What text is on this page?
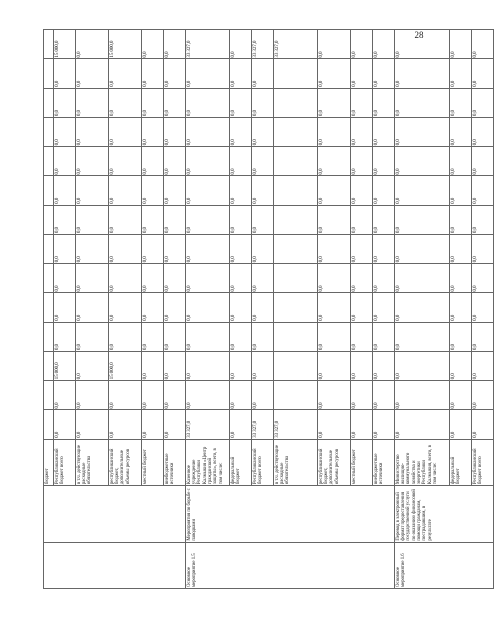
28
		бюджет														
		Республиканский бюджет всего	0,0	0,0	15 000,0	0,0	0,0	0,0	0,0	0,0	0,0	0,0	0,0	0,0	0,0	15 000,0
		в т.ч. действующие расходные обязательства	0,0	0,0	0,0	0,0	0,0	0,0	0,0	0,0	0,0	0,0	0,0	0,0	0,0	0,0
		республиканский бюджет, дополнительные объемы ресурсов	0,0	0,0	15 000,0	0,0	0,0	0,0	0,0	0,0	0,0	0,0	0,0	0,0	0,0	15 000,0
		местный бюджет	0,0	0,0	0,0	0,0	0,0	0,0	0,0	0,0	0,0	0,0	0,0	0,0	0,0	0,0
		внебюджетные источники	0,0	0,0	0,0	0,0	0,0	0,0	0,0	0,0	0,0	0,0	0,0	0,0	0,0	0,0
Основное мероприятие 1.5	Мероприятия по борьбе с паводками	Казенное учреждение Республики Калмыкия «Центр гражданской защиты», всего, в том числе:	33 327,0	0,0	0,0	0,0	0,0	0,0	0,0	0,0	0,0	0,0	0,0	0,0	0,0	33 327,0
		федеральный бюджет	0,0	0,0	0,0	0,0	0,0	0,0	0,0	0,0	0,0	0,0	0,0	0,0	0,0	0,0
		Республиканский бюджет всего	33 327,0	0,0	0,0	0,0	0,0	0,0	0,0	0,0	0,0	0,0	0,0	0,0	0,0	33 327,0
		в т.ч. действующие расходные обязательства	33 327,0													33 327,0
		республиканский бюджет, дополнительные объемы ресурсов	0,0	0,0	0,0	0,0	0,0	0,0	0,0	0,0	0,0	0,0	0,0	0,0	0,0	0,0
		местный бюджет	0,0	0,0	0,0	0,0	0,0	0,0	0,0	0,0	0,0	0,0	0,0	0,0	0,0	0,0
		внебюджетные источники	0,0	0,0	0,0	0,0	0,0	0,0	0,0	0,0	0,0	0,0	0,0	0,0	0,0	0,0
Основное мероприятие 1.6	Перевод в электронный формат предоставления государственной услуги по оказанию финансовой помощи гражданам, пострадавшим, в результате	Министерство жилищно-коммунального хозяйства и энергетики Республики Калмыкия, всего, в том числе:	0,0	0,0	0,0	0,0	0,0	0,0	0,0	0,0	0,0	0,0	0,0	0,0	0,0	0,0
		федеральный бюджет	0,0	0,0	0,0	0,0	0,0	0,0	0,0	0,0	0,0	0,0	0,0	0,0	0,0	0,0
		Республиканский бюджет всего	0,0	0,0	0,0	0,0	0,0	0,0	0,0	0,0	0,0	0,0	0,0	0,0	0,0	0,0
